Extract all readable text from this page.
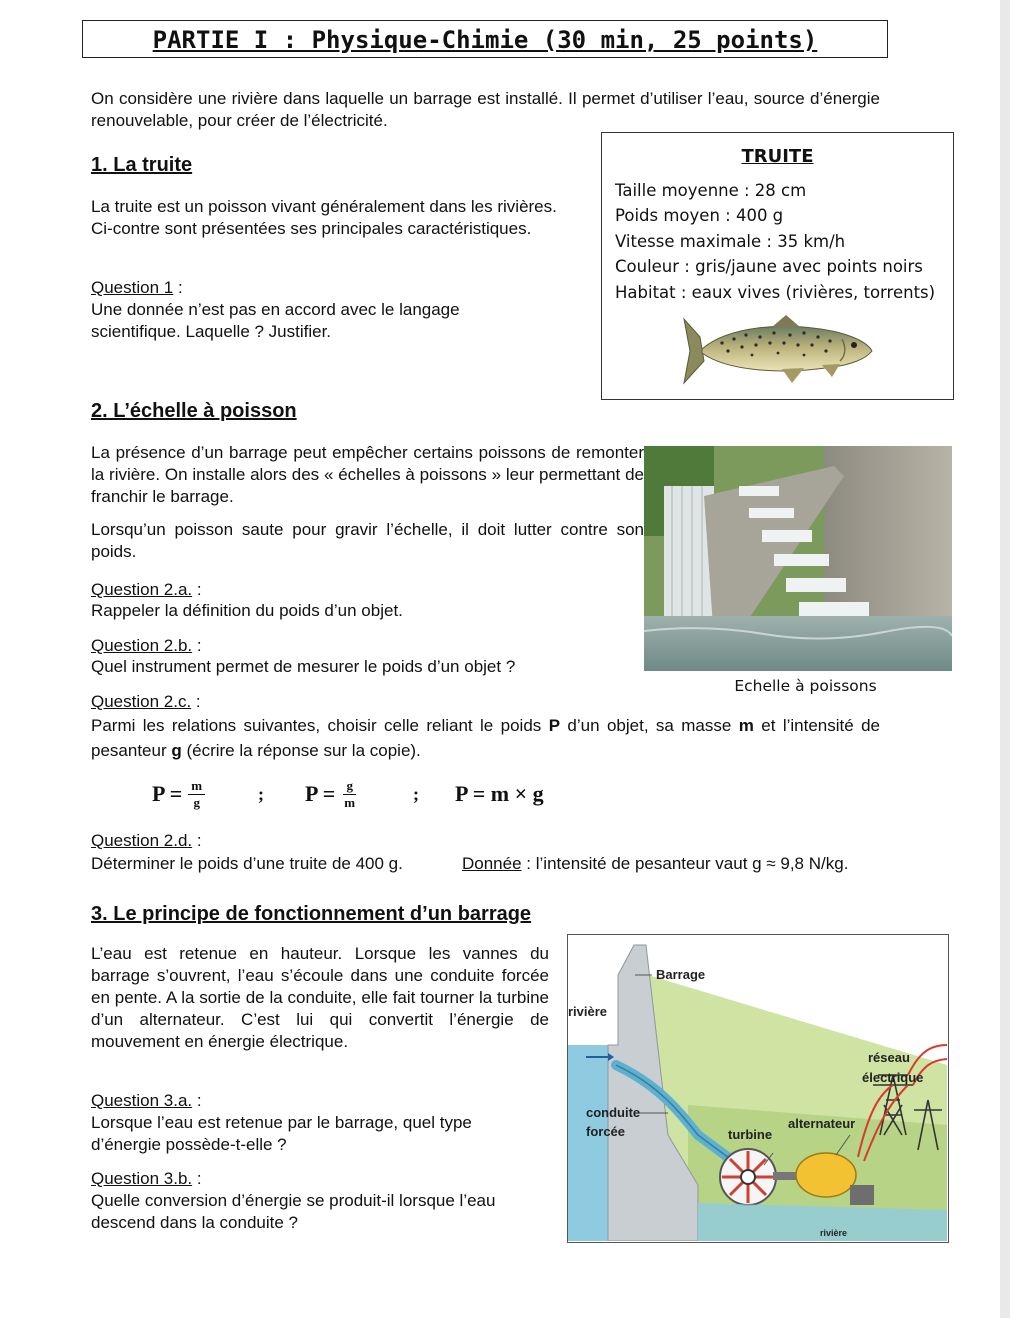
PARTIE I : Physique-Chimie (30 min, 25 points)
On considère une rivière dans laquelle un barrage est installé. Il permet d’utiliser l’eau, source d’énergie renouvelable, pour créer de l’électricité.
1. La truite
La truite est un poisson vivant généralement dans les rivières. Ci-contre sont présentées ses principales caractéristiques.
Question 1 :
Une donnée n’est pas en accord avec le langage scientifique. Laquelle ? Justifier.
TRUITE
Taille moyenne : 28 cm
Poids moyen : 400 g
Vitesse maximale : 35 km/h
Couleur : gris/jaune avec points noirs
Habitat : eaux vives (rivières, torrents)
2. L’échelle à poisson
La présence d’un barrage peut empêcher certains poissons de remonter la rivière. On installe alors des « échelles à poissons » leur permettant de franchir le barrage.
Lorsqu’un poisson saute pour gravir l’échelle, il doit lutter contre son poids.
Question 2.a. :
Rappeler la définition du poids d’un objet.
Question 2.b. :
Quel instrument permet de mesurer le poids d’un objet ?
Echelle à poissons
Question 2.c. :
Parmi les relations suivantes, choisir celle reliant le poids P d’un objet, sa masse m et l’intensité de pesanteur g (écrire la réponse sur la copie).
$P = \frac{m}{g}$	; $P = \frac{g}{m}$	; P = m × g
Question 2.d. :
Déterminer le poids d’une truite de 400 g.	Donnée : l’intensité de pesanteur vaut g ≈ 9,8 N/kg.
3. Le principe de fonctionnement d’un barrage
L’eau est retenue en hauteur. Lorsque les vannes du barrage s’ouvrent, l’eau s’écoule dans une conduite forcée en pente. A la sortie de la conduite, elle fait tourner la turbine d’un alternateur. C’est lui qui convertit l’énergie de mouvement en énergie électrique.
Question 3.a. :
Lorsque l’eau est retenue par le barrage, quel type d’énergie possède-t-elle ?
Question 3.b. :
Quelle conversion d’énergie se produit-il lorsque l’eau descend dans la conduite ?
Barrage
rivière
réseau
électrique
conduite
forcée	turbine
alternateur
rivière
